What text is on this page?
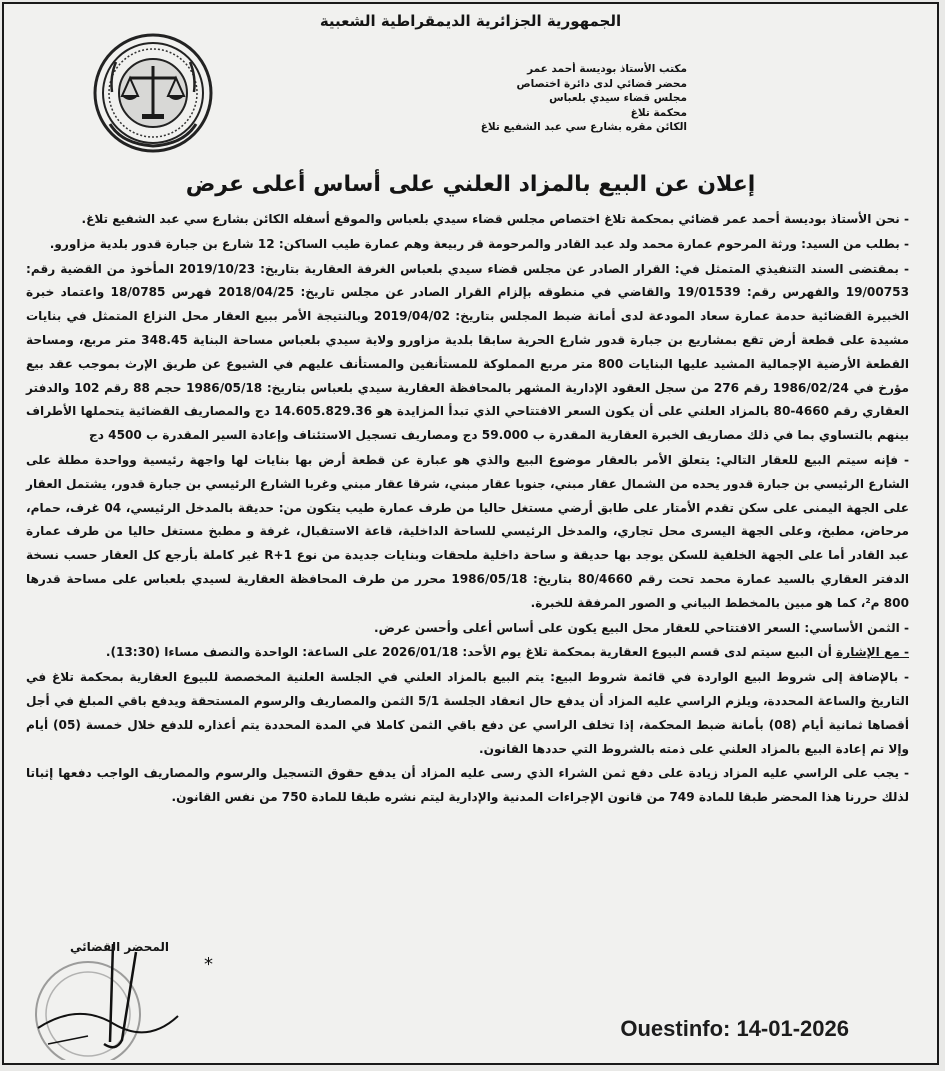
الجمهورية الجزائرية الديمقراطية الشعبية
مكتب الأستاذ بوديسة أحمد عمر
محضر قضائي لدى دائرة اختصاص
مجلس قضاء سيدي بلعباس
محكمة تلاغ
الكائن مقره بشارع سي عبد الشفيع تلاغ
إعلان عن البيع بالمزاد العلني على أساس أعلى عرض

- نحن الأستاذ بوديسة أحمد عمر قضائي بمحكمة تلاغ اختصاص مجلس قضاء سيدي بلعباس والموقع أسفله الكائن بشارع سي عبد الشفيع تلاغ.

- بطلب من السيد: ورثة المرحوم عمارة محمد ولد عبد القادر والمرحومة قر ربيعة وهم عمارة طيب الساكن: 12 شارع بن جبارة قدور بلدية مزاورو.

- بمقتضى السند التنفيذي المتمثل في: القرار الصادر عن مجلس قضاء سيدي بلعباس الغرفة العقارية بتاريخ: 2019/10/23 المأخوذ من القضية رقم: 19/00753 والفهرس رقم: 19/01539 والقاضي في منطوقه بإلزام القرار الصادر عن مجلس تاريخ: 2018/04/25 فهرس 18/0785 واعتماد خبرة الخبيرة القضائية حدمة عمارة سعاد المودعة لدى أمانة ضبط المجلس بتاريخ: 2019/04/02 وبالنتيجة الأمر ببيع العقار محل النزاع المتمثل في بنايات مشيدة على قطعة أرض تقع بمشاريع بن جبارة قدور شارع الحرية سابقا بلدية مزاورو ولاية سيدي بلعباس مساحة البناية 348.45 متر مربع، ومساحة القطعة الأرضية الإجمالية المشيد عليها البنايات 800 متر مربع المملوكة للمستأنفين والمستأنف عليهم في الشيوع عن طريق الإرث بموجب عقد بيع مؤرخ في 1986/02/24 رقم 276 من سجل العقود الإدارية المشهر بالمحافظة العقارية سيدي بلعباس بتاريخ: 1986/05/18 حجم 88 رقم 102 والدفتر العقاري رقم 4660-80 بالمزاد العلني على أن يكون السعر الافتتاحي الذي تبدأ المزايدة هو 14.605.829.36 دج والمصاريف القضائية يتحملها الأطراف بينهم بالتساوي بما في ذلك مصاريف الخبرة العقارية المقدرة ب 59.000 دج ومصاريف تسجيل الاستئناف وإعادة السير المقدرة ب 4500 دج

- فإنه سيتم البيع للعقار التالي: يتعلق الأمر بالعقار موضوع البيع والذي هو عبارة عن قطعة أرض بها بنايات لها واجهة رئيسية وواحدة مطلة على الشارع الرئيسي بن جبارة قدور يحده من الشمال عقار مبني، جنوبا عقار مبني، شرقا عقار مبني وغربا الشارع الرئيسي بن جبارة قدور، يشتمل العقار على الجهة اليمنى على سكن تقدم الأمتار على طابق أرضي مستغل حاليا من طرف عمارة طيب يتكون من: حديقة بالمدخل الرئيسي، 04 غرف، حمام، مرحاض، مطبخ، وعلى الجهة اليسرى محل تجاري، والمدخل الرئيسي للساحة الداخلية، قاعة الاستقبال، غرفة و مطبخ مستغل حاليا من طرف عمارة عبد القادر أما على الجهة الخلفية للسكن يوجد بها حديقة و ساحة داخلية ملحقات وبنايات جديدة من نوع R+1 غير كاملة بأرجع كل العقار حسب نسخة الدفتر العقاري بالسيد عمارة محمد تحت رقم 80/4660 بتاريخ: 1986/05/18 محرر من طرف المحافظة العقارية لسيدي بلعباس على مساحة قدرها 800 م²، كما هو مبين بالمخطط البياني و الصور المرفقة للخبرة.

- الثمن الأساسي: السعر الافتتاحي للعقار محل البيع يكون على أساس أعلى وأحسن عرض.

- مع الإشارة أن البيع سيتم لدى قسم البيوع العقارية بمحكمة تلاغ يوم الأحد: 2026/01/18 على الساعة: الواحدة والنصف مساءا (13:30).

- بالإضافة إلى شروط البيع الواردة في قائمة شروط البيع: يتم البيع بالمزاد العلني في الجلسة العلنية المخصصة للبيوع العقارية بمحكمة تلاغ في التاريخ والساعة المحددة، ويلزم الراسي عليه المزاد أن يدفع حال انعقاد الجلسة 5/1 الثمن والمصاريف والرسوم المستحقة ويدفع باقي المبلغ في أجل أقصاها ثمانية أيام (08) بأمانة ضبط المحكمة، إذا تخلف الراسي عن دفع باقي الثمن كاملا في المدة المحددة يتم أعذاره للدفع خلال خمسة (05) أيام وإلا تم إعادة البيع بالمزاد العلني على ذمته بالشروط التي حددها القانون.

- يجب على الراسي عليه المزاد زيادة على دفع ثمن الشراء الذي رسى عليه المزاد أن يدفع حقوق التسجيل والرسوم والمصاريف الواجب دفعها إثباتا لذلك حررنا هذا المحضر طبقا للمادة 749 من قانون الإجراءات المدنية والإدارية ليتم نشره طبقا للمادة 750 من نفس القانون.

*
المحضر القضائي
Ouestinfo: 14-01-2026
